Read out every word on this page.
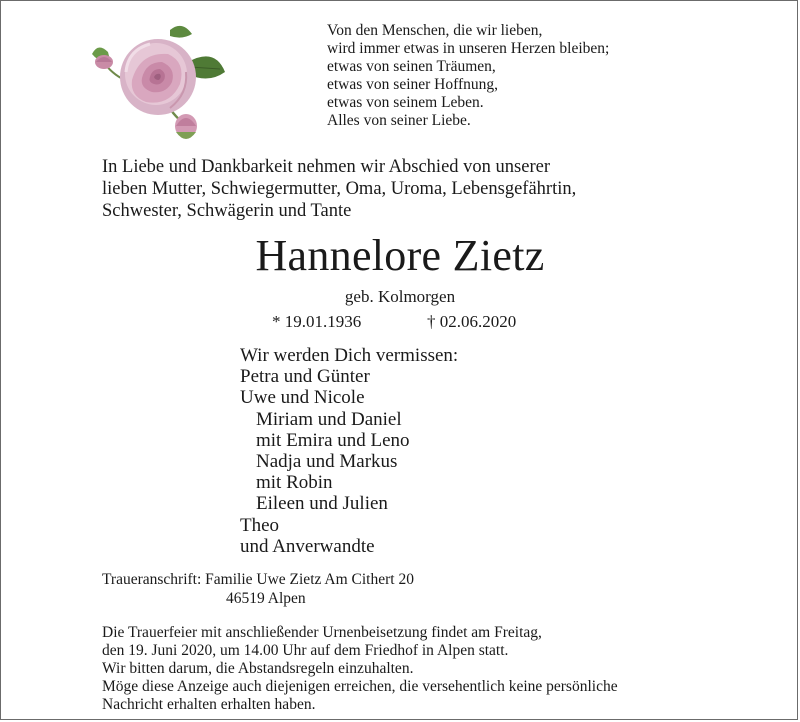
Von den Menschen, die wir lieben,
wird immer etwas in unseren Herzen bleiben;
etwas von seinen Träumen,
etwas von seiner Hoffnung,
etwas von seinem Leben.
Alles von seiner Liebe.
In Liebe und Dankbarkeit nehmen wir Abschied von unserer
lieben Mutter, Schwiegermutter, Oma, Uroma, Lebensgefährtin,
Schwester, Schwägerin und Tante
Hannelore Zietz
geb. Kolmorgen
* 19.01.1936	† 02.06.2020
Wir werden Dich vermissen:
Petra und Günter
Uwe und Nicole
Miriam und Daniel
mit Emira und Leno
Nadja und Markus
mit Robin
Eileen und Julien
Theo
und Anverwandte
Traueranschrift: Familie Uwe Zietz Am Cithert 20
46519 Alpen
Die Trauerfeier mit anschließender Urnenbeisetzung findet am Freitag,
den 19. Juni 2020, um 14.00 Uhr auf dem Friedhof in Alpen statt.
Wir bitten darum, die Abstandsregeln einzuhalten.
Möge diese Anzeige auch diejenigen erreichen, die versehentlich keine persönliche
Nachricht erhalten erhalten haben.
